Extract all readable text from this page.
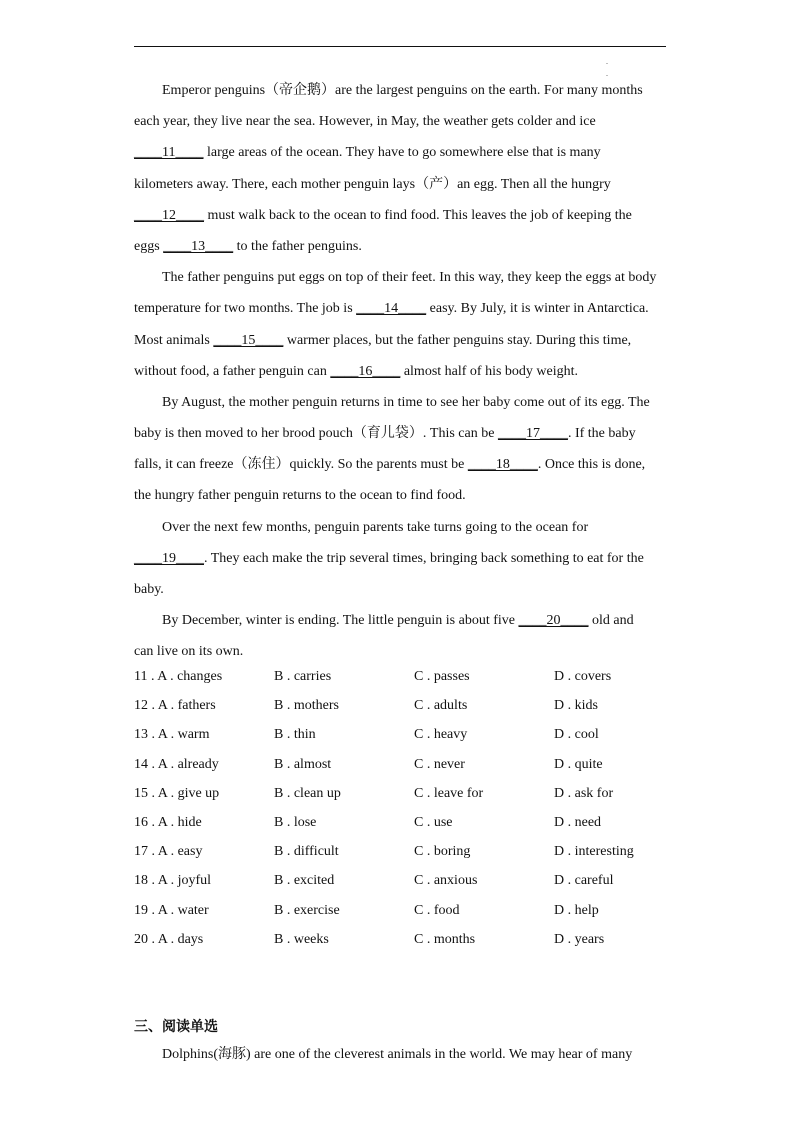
.
.
Emperor penguins（帝企鹅）are the largest penguins on the earth. For many months
each year, they live near the sea. However, in May, the weather gets colder and ice
____11____ large areas of the ocean. They have to go somewhere else that is many
kilometers away. There, each mother penguin lays（产）an egg. Then all the hungry
____12____ must walk back to the ocean to find food. This leaves the job of keeping the
eggs ____13____ to the father penguins.
The father penguins put eggs on top of their feet. In this way, they keep the eggs at body
temperature for two months. The job is ____14____ easy. By July, it is winter in Antarctica.
Most animals ____15____ warmer places, but the father penguins stay. During this time,
without food, a father penguin can ____16____ almost half of his body weight.
By August, the mother penguin returns in time to see her baby come out of its egg. The
baby is then moved to her brood pouch（育儿袋）. This can be ____17____. If the baby
falls, it can freeze（冻住）quickly. So the parents must be ____18____. Once this is done,
the hungry father penguin returns to the ocean to find food.
Over the next few months, penguin parents take turns going to the ocean for
____19____. They each make the trip several times, bringing back something to eat for the
baby.
By December, winter is ending. The little penguin is about five ____20____ old and
can live on its own.
11 . A . changes	B . carries	C . passes	D . covers
12 . A . fathers	B . mothers	C . adults	D . kids
13 . A . warm	B . thin	C . heavy	D . cool
14 . A . already	B . almost	C . never	D . quite
15 . A . give up	B . clean up	C . leave for	D . ask for
16 . A . hide	B . lose	C . use	D . need
17 . A . easy	B . difficult	C . boring	D . interesting
18 . A . joyful	B . excited	C . anxious	D . careful
19 . A . water	B . exercise	C . food	D . help
20 . A . days	B . weeks	C . months	D . years
三、阅读单选
Dolphins(海豚) are one of the cleverest animals in the world. We may hear of many
